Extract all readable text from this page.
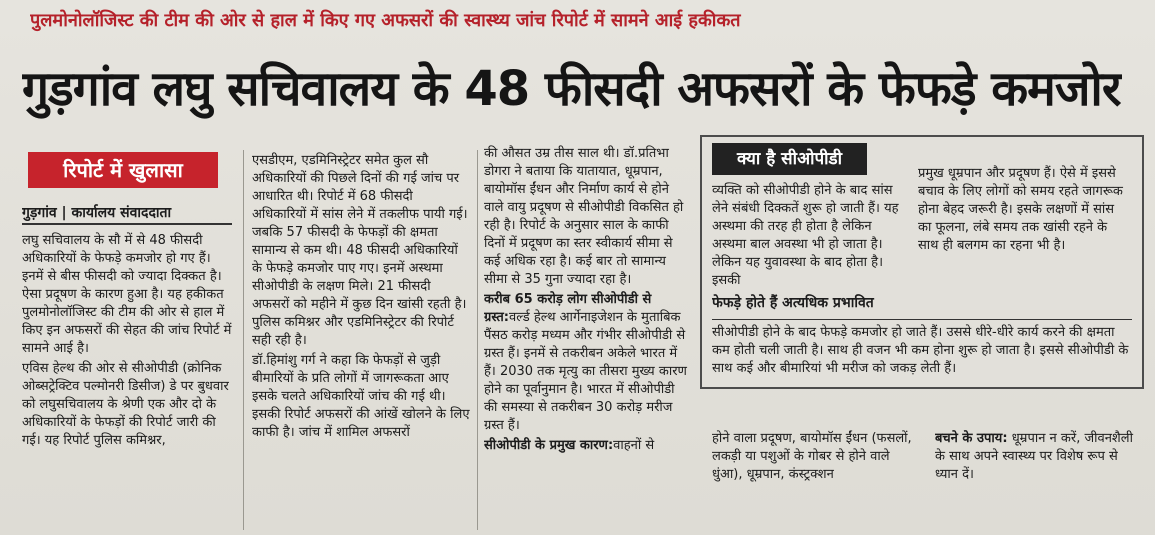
पुलमोनोलॉजिस्ट की टीम की ओर से हाल में किए गए अफसरों की स्वास्थ्य जांच रिपोर्ट में सामने आई हकीकत
गुड़गांव लघु सचिवालय के 48 फीसदी अफसरों के फेफड़े कमजोर
रिपोर्ट में खुलासा
गुड़गांव | कार्यालय संवाददाता

लघु सचिवालय के सौ में से 48 फीसदी अधिकारियों के फेफड़े कमजोर हो गए हैं। इनमें से बीस फीसदी को ज्यादा दिक्कत है। ऐसा प्रदूषण के कारण हुआ है। यह हकीकत पुलमोनोलॉजिस्ट की टीम की ओर से हाल में किए इन अफसरों की सेहत की जांच रिपोर्ट में सामने आई है।

एविस हेल्थ की ओर से सीओपीडी (क्रोनिक ओब्सट्रेक्टिव पल्मोनरी डिसीज) डे पर बुधवार को लघुसचिवालय के श्रेणी एक और दो के अधिकारियों के फेफड़ों की रिपोर्ट जारी की गई। यह रिपोर्ट पुलिस कमिश्नर,

एसडीएम, एडमिनिस्ट्रेटर समेत कुल सौ अधिकारियों की पिछले दिनों की गई जांच पर आधारित थी। रिपोर्ट में 68 फीसदी अधिकारियों में सांस लेने में तकलीफ पायी गई। जबकि 57 फीसदी के फेफड़ों की क्षमता सामान्य से कम थी। 48 फीसदी अधिकारियों के फेफड़े कमजोर पाए गए। इनमें अस्थमा सीओपीडी के लक्षण मिले। 21 फीसदी अफसरों को महीने में कुछ दिन खांसी रहती है। पुलिस कमिश्नर और एडमिनिस्ट्रेटर की रिपोर्ट सही रही है।

डॉ.हिमांशु गर्ग ने कहा कि फेफड़ों से जुड़ी बीमारियों के प्रति लोगों में जागरूकता आए इसके चलते अधिकारियों जांच की गई थी। इसकी रिपोर्ट अफसरों की आंखें खोलने के लिए काफी है। जांच में शामिल अफसरों

की औसत उम्र तीस साल थी। डॉ.प्रतिभा डोगरा ने बताया कि यातायात, धूम्रपान, बायोमॉस ईंधन और निर्माण कार्य से होने वाले वायु प्रदूषण से सीओपीडी विकसित हो रही है। रिपोर्ट के अनुसार साल के काफी दिनों में प्रदूषण का स्तर स्वीकार्य सीमा से कई अधिक रहा है। कई बार तो सामान्य सीमा से 35 गुना ज्यादा रहा है।

करीब 65 करोड़ लोग सीओपीडी से ग्रस्त:वर्ल्ड हेल्थ आर्गेनाइजेशन के मुताबिक पैंसठ करोड़ मध्यम और गंभीर सीओपीडी से ग्रस्त हैं। इनमें से तकरीबन अकेले भारत में हैं। 2030 तक मृत्यु का तीसरा मुख्य कारण होने का पूर्वानुमान है। भारत में सीओपीडी की समस्या से तकरीबन 30 करोड़ मरीज ग्रस्त हैं।

सीओपीडी के प्रमुख कारण:वाहनों से

क्या है सीओपीडी
व्यक्ति को सीओपीडी होने के बाद सांस लेने संबंधी दिक्कतें शुरू हो जाती हैं। यह अस्थमा की तरह ही होता है लेकिन अस्थमा बाल अवस्था भी हो जाता है। लेकिन यह युवावस्था के बाद होता है। इसकी
प्रमुख धूम्रपान और प्रदूषण हैं। ऐसे में इससे बचाव के लिए लोगों को समय रहते जागरूक होना बेहद जरूरी है। इसके लक्षणों में सांस का फूलना, लंबे समय तक खांसी रहने के साथ ही बलगम का रहना भी है।
फेफड़े होते हैं अत्यधिक प्रभावित
सीओपीडी होने के बाद फेफड़े कमजोर हो जाते हैं। उससे धीरे-धीरे कार्य करने की क्षमता कम होती चली जाती है। साथ ही वजन भी कम होना शुरू हो जाता है। इससे सीओपीडी के साथ कई और बीमारियां भी मरीज को जकड़ लेती हैं।
होने वाला प्रदूषण, बायोमॉस ईंधन (फसलों, लकड़ी या पशुओं के गोबर से होने वाले धुंआ), धूम्रपान, कंस्ट्रक्शन
बचने के उपाय: धूम्रपान न करें, जीवनशैली के साथ अपने स्वास्थ्य पर विशेष रूप से ध्यान दें।
